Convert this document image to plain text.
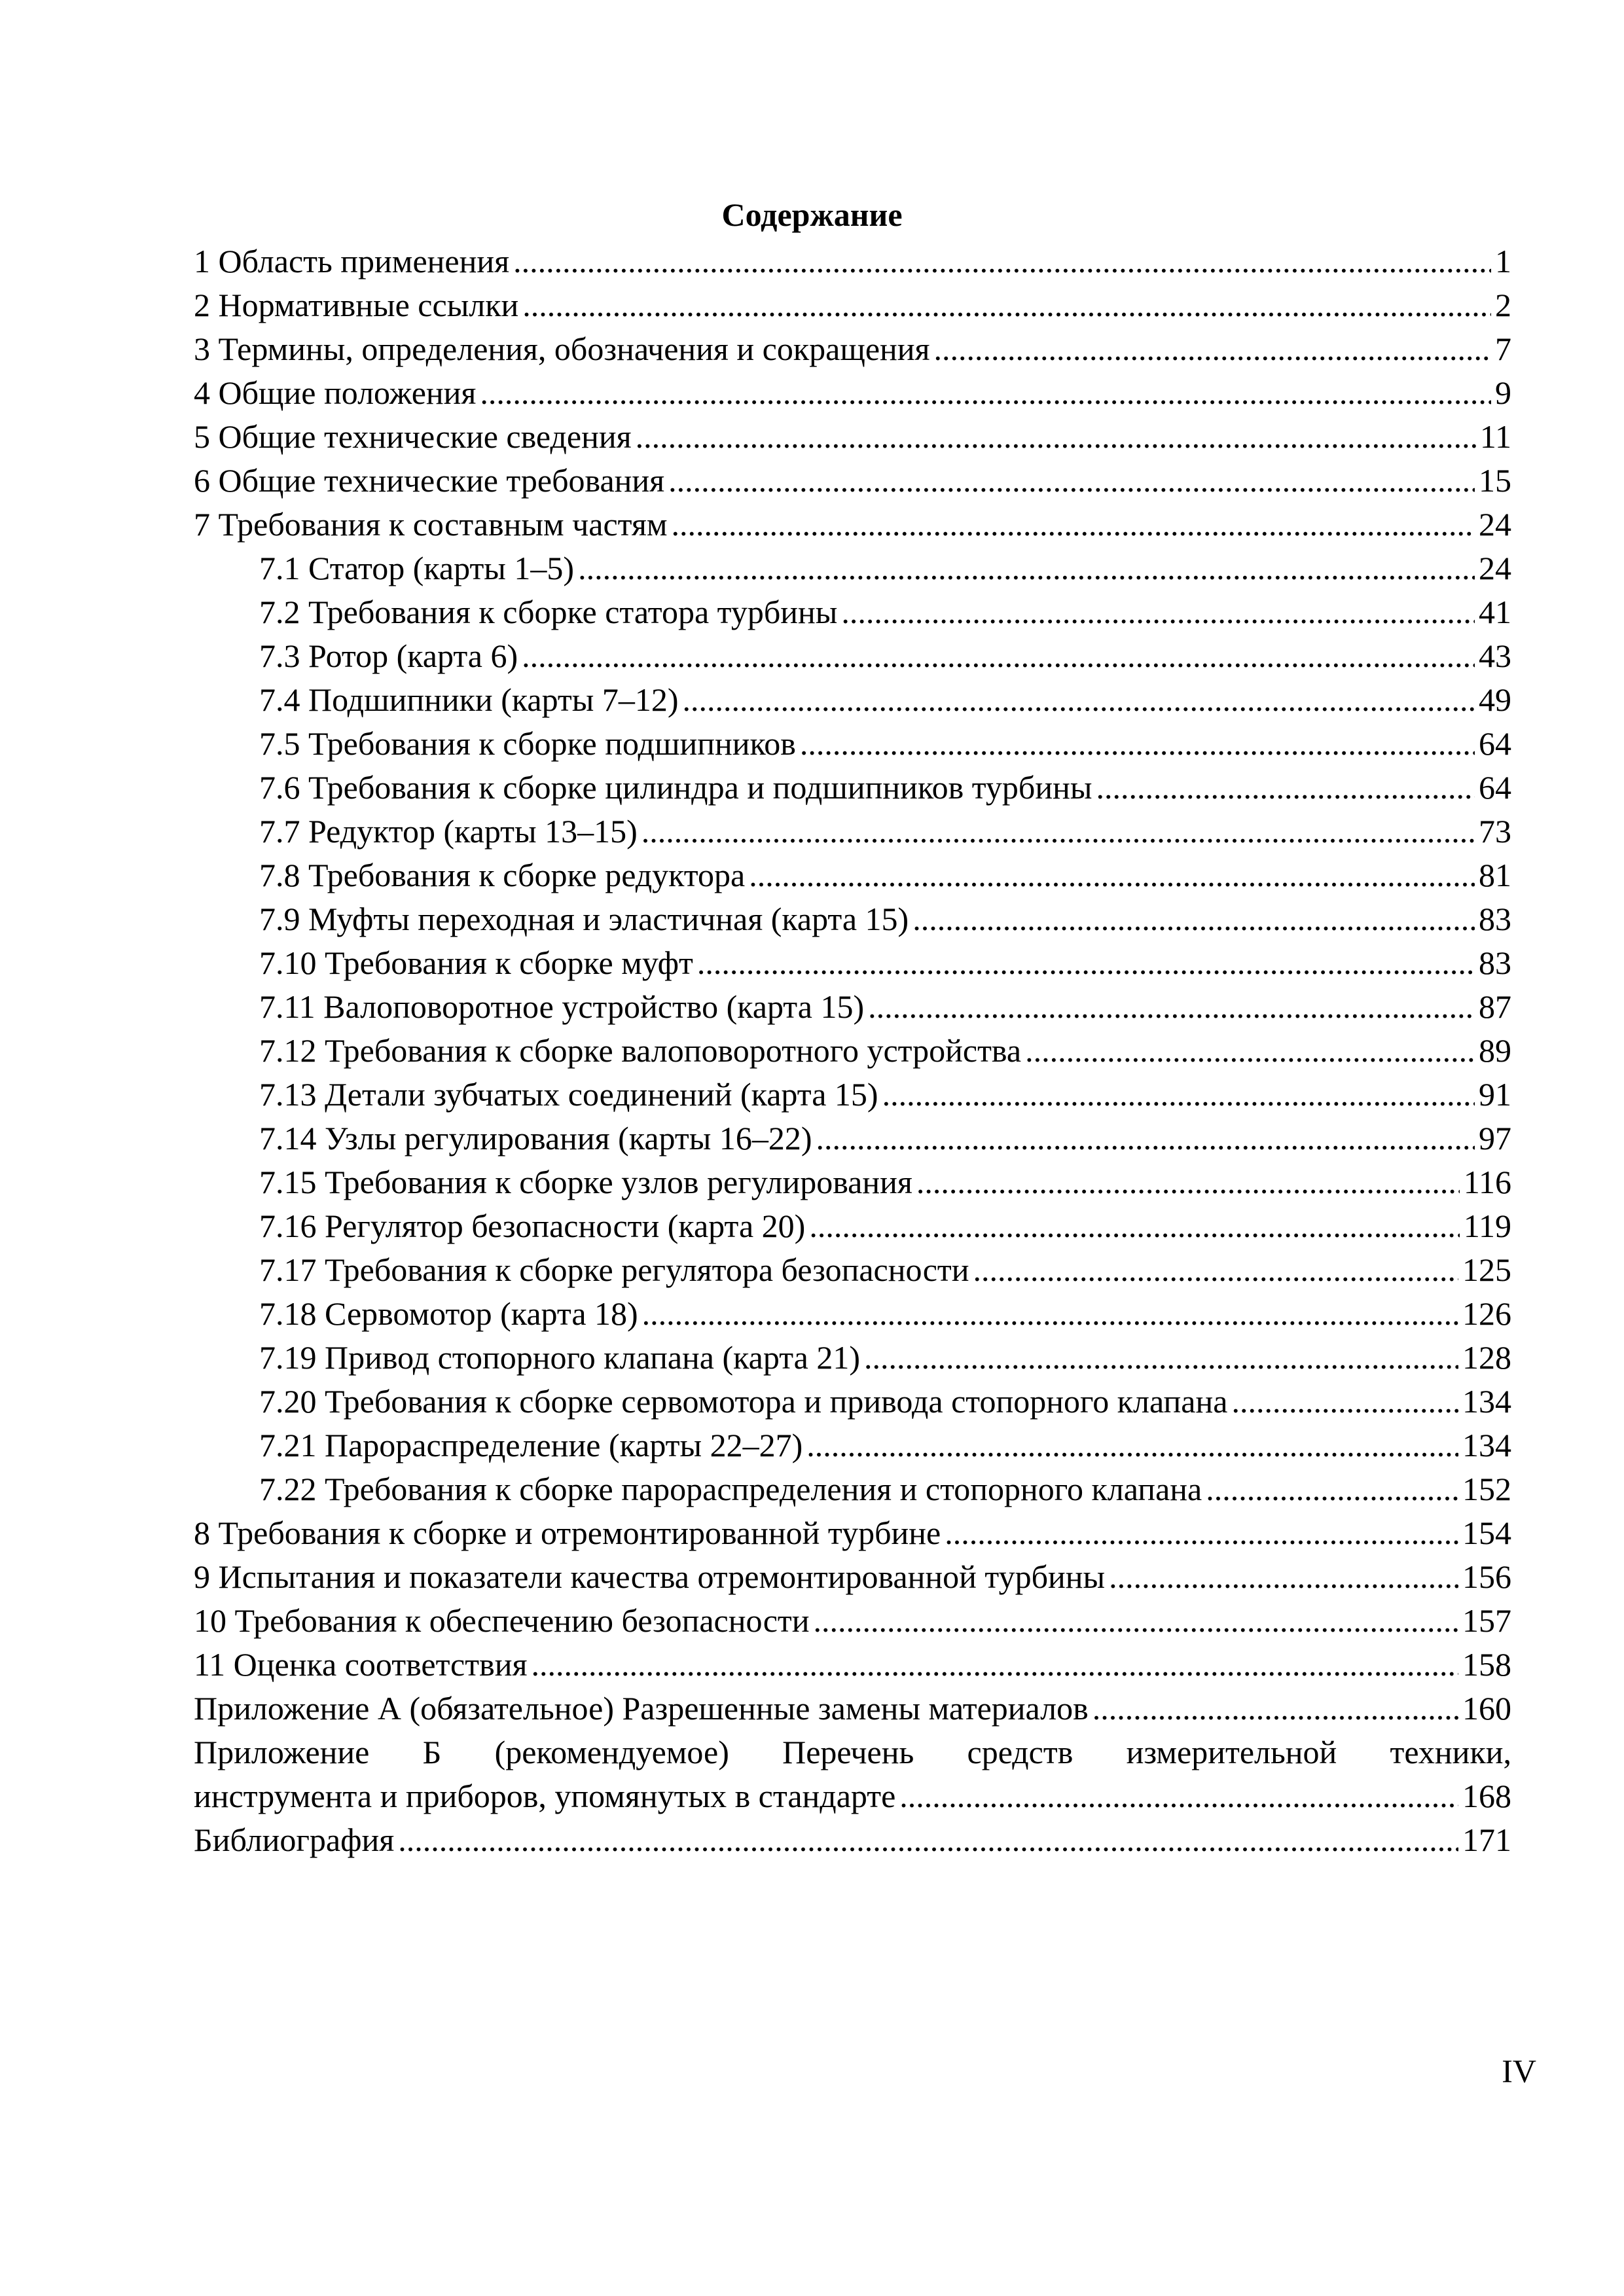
Содержание
1 Область применения .....	1
2 Нормативные ссылки .....	2
3 Термины, определения, обозначения и сокращения .....	7
4 Общие положения .....	9
5 Общие технические сведения .....	11
6 Общие технические требования .....	15
7 Требования к составным частям .....	24
7.1 Статор (карты 1–5) .....	24
7.2 Требования к сборке статора турбины .....	41
7.3 Ротор (карта 6) .....	43
7.4 Подшипники (карты 7–12) .....	49
7.5 Требования к сборке подшипников .....	64
7.6 Требования к сборке цилиндра и подшипников турбины .....	64
7.7 Редуктор (карты 13–15) .....	73
7.8 Требования к сборке редуктора .....	81
7.9 Муфты переходная и эластичная (карта 15) .....	83
7.10 Требования к сборке муфт .....	83
7.11 Валоповоротное устройство (карта 15) .....	87
7.12 Требования к сборке валоповоротного устройства .....	89
7.13 Детали зубчатых соединений (карта 15) .....	91
7.14 Узлы регулирования (карты 16–22) .....	97
7.15 Требования к сборке узлов регулирования .....	116
7.16 Регулятор безопасности (карта 20) .....	119
7.17 Требования к сборке регулятора безопасности .....	125
7.18 Сервомотор (карта 18) .....	126
7.19 Привод стопорного клапана (карта 21) .....	128
7.20 Требования к сборке сервомотора и привода стопорного клапана .....	134
7.21 Парораспределение (карты 22–27) .....	134
7.22 Требования к сборке парораспределения и стопорного клапана .....	152
8 Требования к сборке и отремонтированной турбине .....	154
9 Испытания и показатели качества отремонтированной турбины .....	156
10 Требования к обеспечению безопасности .....	157
11 Оценка соответствия .....	158
Приложение А (обязательное) Разрешенные замены материалов .....	160
Приложение Б (рекомендуемое) Перечень средств измерительной техники,
инструмента и приборов, упомянутых в стандарте .....	168
Библиография .....	171
IV
